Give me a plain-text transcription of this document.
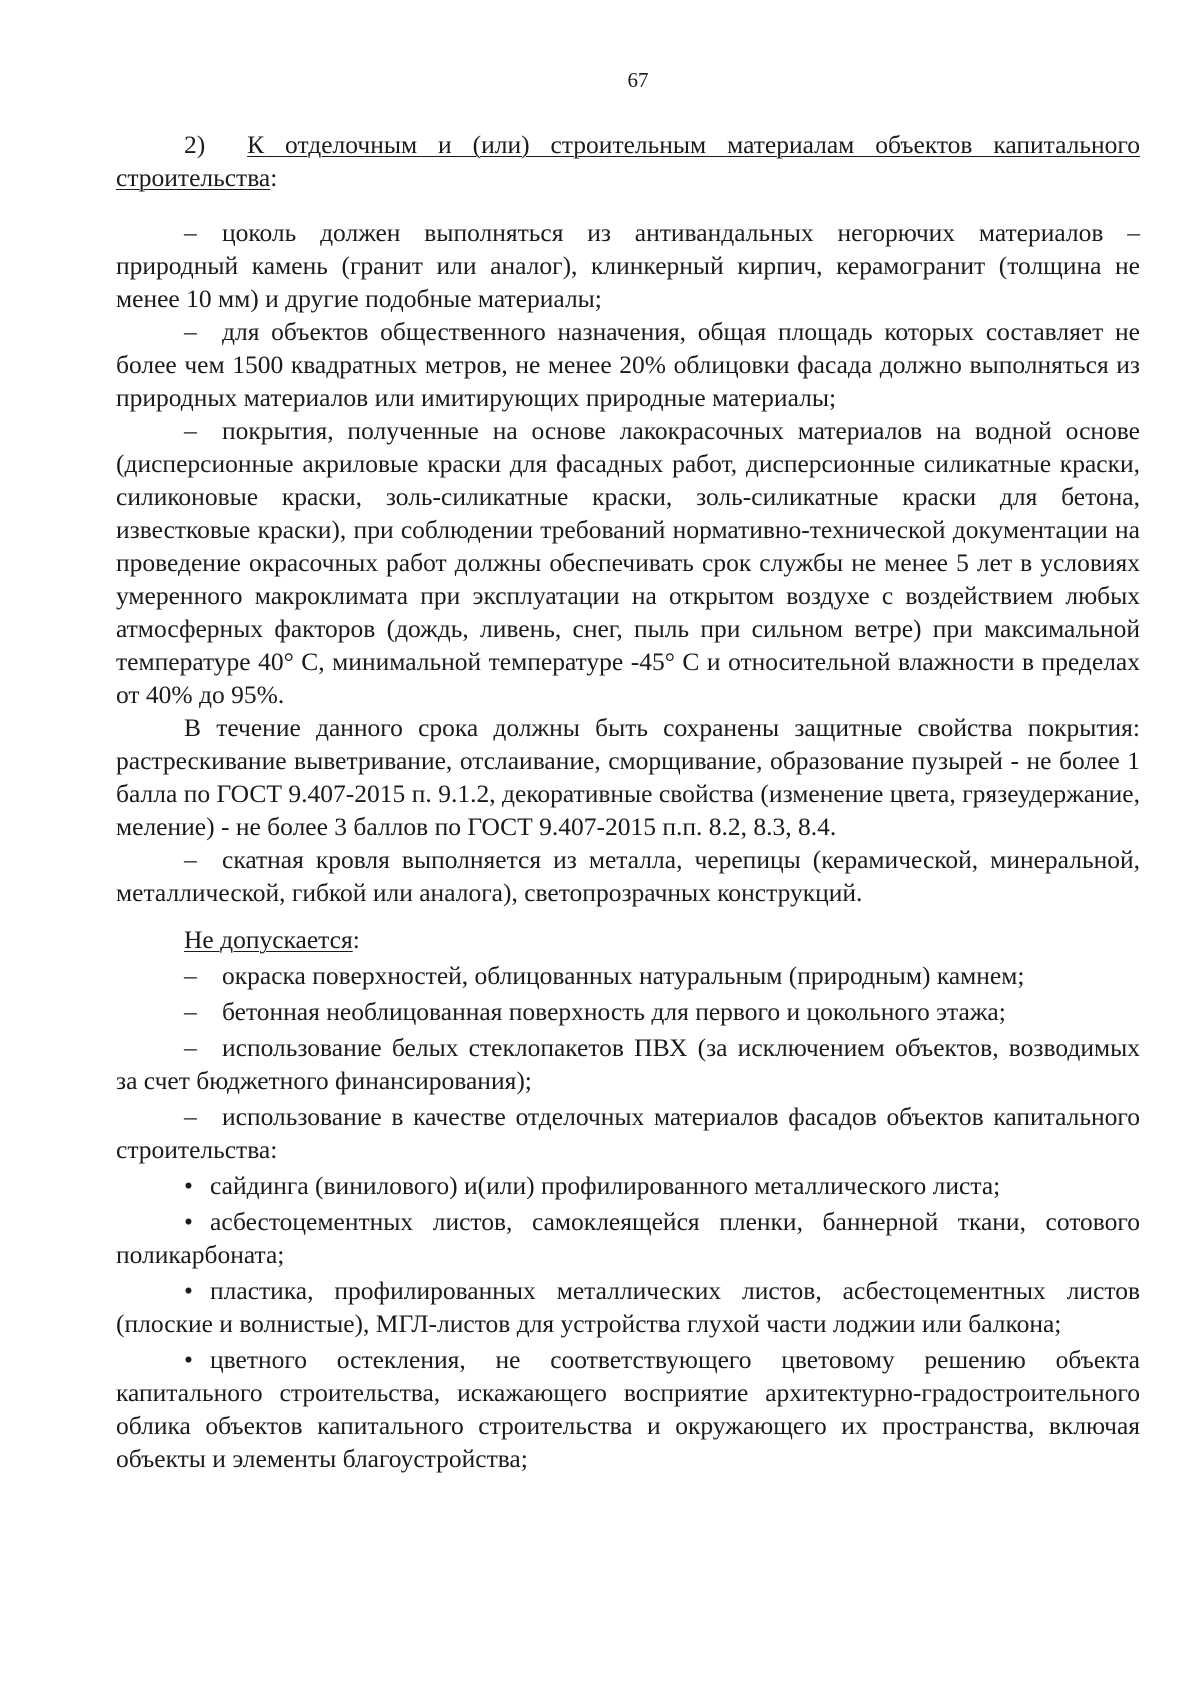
67

2) К отделочным и (или) строительным материалам объектов капитального строительства:

– цоколь должен выполняться из антивандальных негорючих материалов – природный камень (гранит или аналог), клинкерный кирпич, керамогранит (толщина не менее 10 мм) и другие подобные материалы;

– для объектов общественного назначения, общая площадь которых составляет не более чем 1500 квадратных метров, не менее 20% облицовки фасада должно выполняться из природных материалов или имитирующих природные материалы;

– покрытия, полученные на основе лакокрасочных материалов на водной основе (дисперсионные акриловые краски для фасадных работ, дисперсионные силикатные краски, силиконовые краски, золь-силикатные краски, золь-силикатные краски для бетона, известковые краски), при соблюдении требований нормативно-технической документации на проведение окрасочных работ должны обеспечивать срок службы не менее 5 лет в условиях умеренного макроклимата при эксплуатации на открытом воздухе с воздействием любых атмосферных факторов (дождь, ливень, снег, пыль при сильном ветре) при максимальной температуре 40° С, минимальной температуре -45° С и относительной влажности в пределах от 40% до 95%.

В течение данного срока должны быть сохранены защитные свойства покрытия: растрескивание выветривание, отслаивание, сморщивание, образование пузырей - не более 1 балла по ГОСТ 9.407-2015 п. 9.1.2, декоративные свойства (изменение цвета, грязеудержание, меление) - не более 3 баллов по ГОСТ 9.407-2015 п.п. 8.2, 8.3, 8.4.

– скатная кровля выполняется из металла, черепицы (керамической, минеральной, металлической, гибкой или аналога), светопрозрачных конструкций.

Не допускается:

– окраска поверхностей, облицованных натуральным (природным) камнем;

– бетонная необлицованная поверхность для первого и цокольного этажа;

– использование белых стеклопакетов ПВХ (за исключением объектов, возводимых за счет бюджетного финансирования);

– использование в качестве отделочных материалов фасадов объектов капитального строительства:

• сайдинга (винилового) и(или) профилированного металлического листа;

• асбестоцементных листов, самоклеящейся пленки, баннерной ткани, сотового поликарбоната;

• пластика, профилированных металлических листов, асбестоцементных листов (плоские и волнистые), МГЛ-листов для устройства глухой части лоджии или балкона;

• цветного остекления, не соответствующего цветовому решению объекта капитального строительства, искажающего восприятие архитектурно-градостроительного облика объектов капитального строительства и окружающего их пространства, включая объекты и элементы благоустройства;
